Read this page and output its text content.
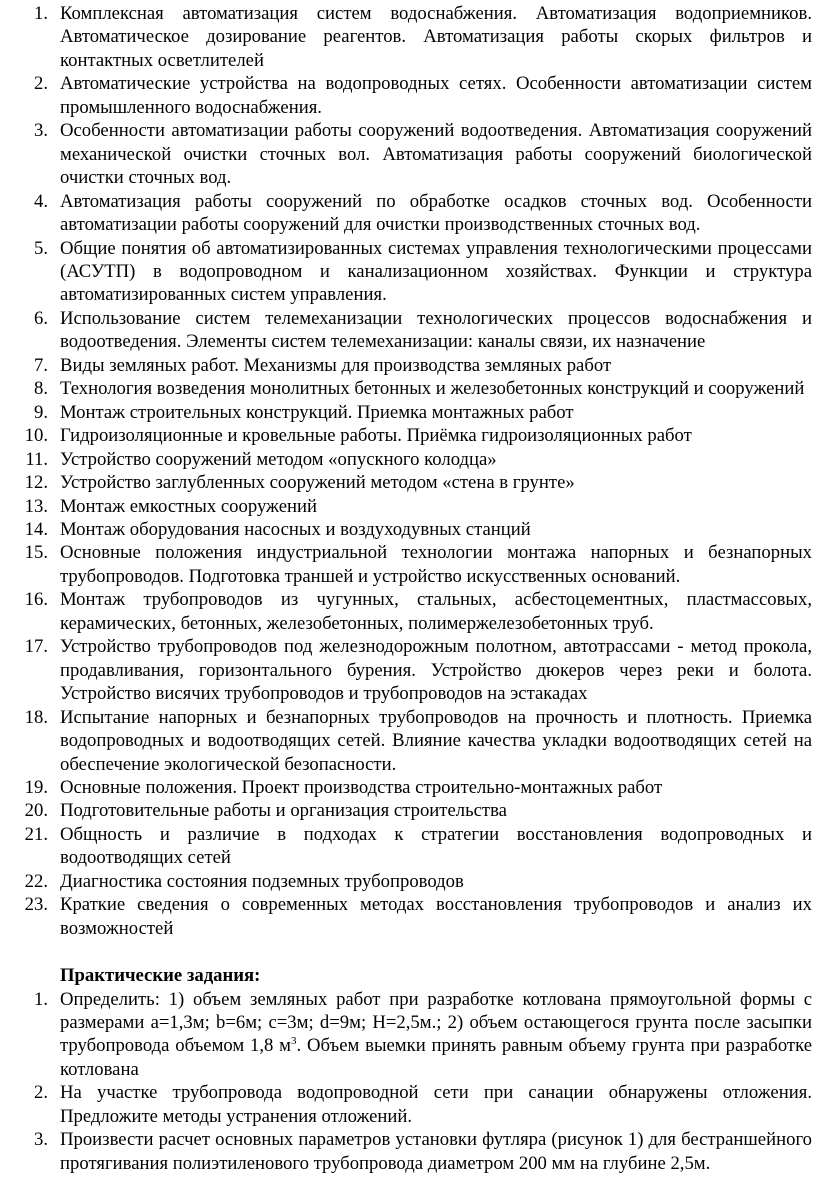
1. Комплексная автоматизация систем водоснабжения. Автоматизация водоприемников. Автоматическое дозирование реагентов. Автоматизация работы скорых фильтров и контактных осветлителей
2. Автоматические устройства на водопроводных сетях. Особенности автоматизации систем промышленного водоснабжения.
3. Особенности автоматизации работы сооружений водоотведения. Автоматизация сооружений механической очистки сточных вол. Автоматизация работы сооружений биологической очистки сточных вод.
4. Автоматизация работы сооружений по обработке осадков сточных вод. Особенности автоматизации работы сооружений для очистки производственных сточных вод.
5. Общие понятия об автоматизированных системах управления технологическими процессами (АСУТП) в водопроводном и канализационном хозяйствах. Функции и структура автоматизированных систем управления.
6. Использование систем телемеханизации технологических процессов водоснабжения и водоотведения. Элементы систем телемеханизации: каналы связи, их назначение
7. Виды земляных работ. Механизмы для производства земляных работ
8. Технология возведения монолитных бетонных и железобетонных конструкций и сооружений
9. Монтаж строительных конструкций. Приемка монтажных работ
10. Гидроизоляционные и кровельные работы. Приёмка гидроизоляционных работ
11. Устройство сооружений методом «опускного колодца»
12. Устройство заглубленных сооружений методом «стена в грунте»
13. Монтаж емкостных сооружений
14. Монтаж оборудования насосных и воздуходувных станций
15. Основные положения индустриальной технологии монтажа напорных и безнапорных трубопроводов. Подготовка траншей и устройство искусственных оснований.
16. Монтаж трубопроводов из чугунных, стальных, асбестоцементных, пластмассовых, керамических, бетонных, железобетонных, полимержелезобетонных труб.
17. Устройство трубопроводов под железнодорожным полотном, автотрассами - метод прокола, продавливания, горизонтального бурения. Устройство дюкеров через реки и болота. Устройство висячих трубопроводов и трубопроводов на эстакадах
18. Испытание напорных и безнапорных трубопроводов на прочность и плотность. Приемка водопроводных и водоотводящих сетей. Влияние качества укладки водоотводящих сетей на обеспечение экологической безопасности.
19. Основные положения. Проект производства строительно-монтажных работ
20. Подготовительные работы и организация строительства
21. Общность и различие в подходах к стратегии восстановления водопроводных и водоотводящих сетей
22. Диагностика состояния подземных трубопроводов
23. Краткие сведения о современных методах восстановления трубопроводов и анализ их возможностей
Практические задания:
1. Определить: 1) объем земляных работ при разработке котлована прямоугольной формы с размерами a=1,3м; b=6м; c=3м; d=9м; H=2,5м.; 2) объем остающегося грунта после засыпки трубопровода объемом 1,8 $м^3$. Объем выемки принять равным объему грунта при разработке котлована
2. На участке трубопровода водопроводной сети при санации обнаружены отложения. Предложите методы устранения отложений.
3. Произвести расчет основных параметров установки футляра (рисунок 1) для бестраншейного протягивания полиэтиленового трубопровода диаметром 200 мм на глубине 2,5м.
